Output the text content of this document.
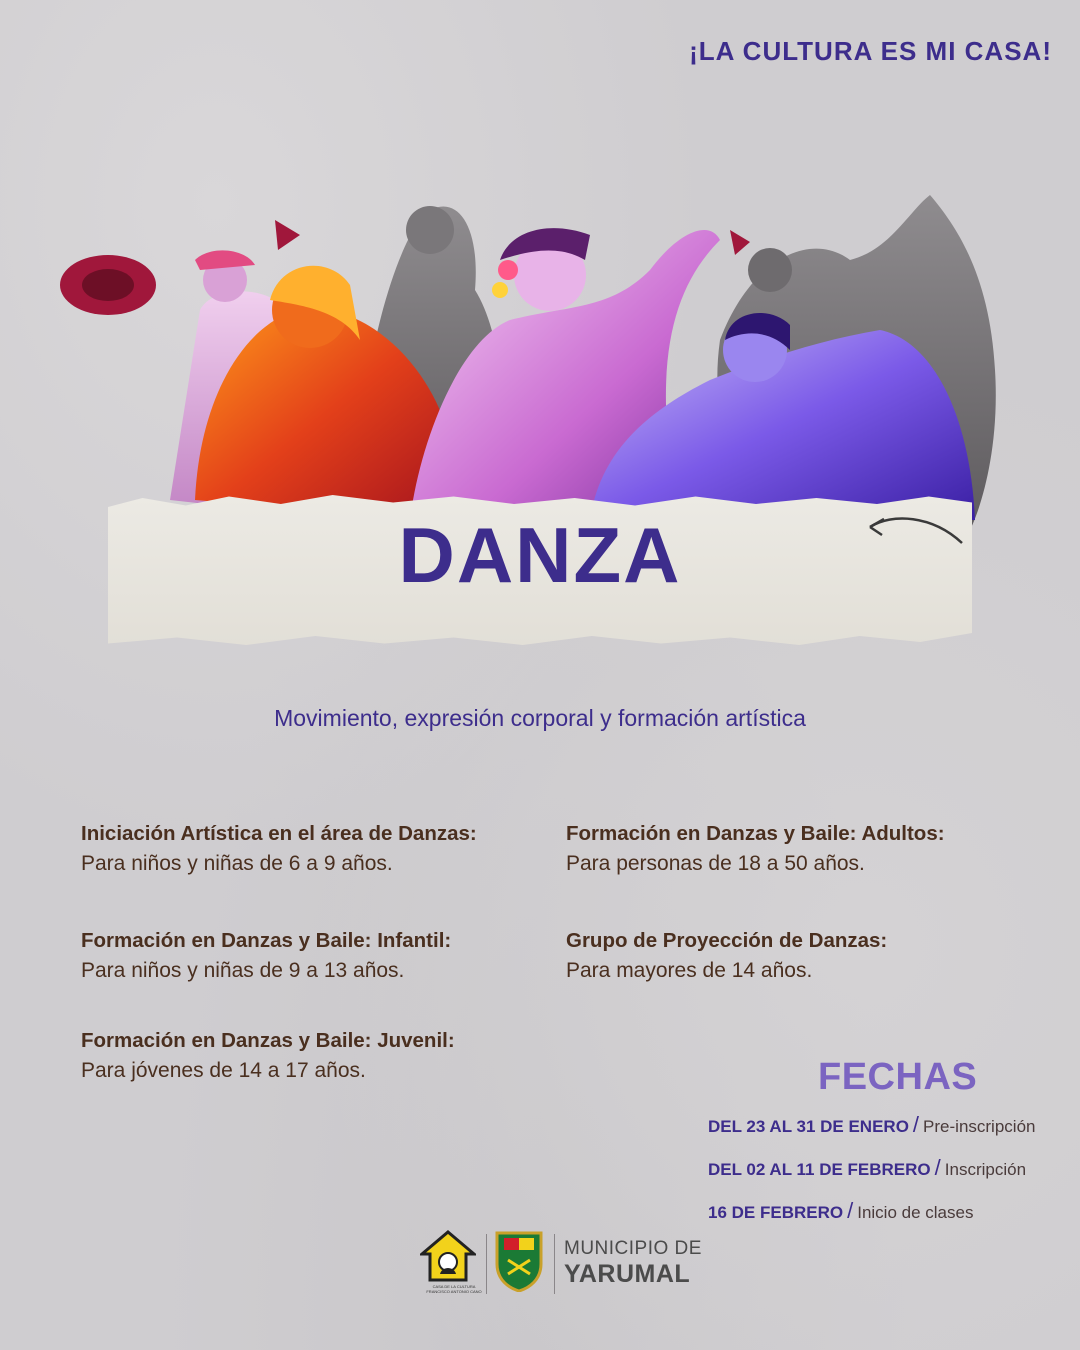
¡LA CULTURA ES MI CASA!
DANZA
Movimiento, expresión corporal y formación artística
Iniciación Artística en el área de Danzas:
Para niños y niñas de 6 a 9 años.
Formación en Danzas y Baile: Infantil:
Para niños y niñas de 9 a 13 años.
Formación en Danzas y Baile: Juvenil:
Para jóvenes de 14 a 17 años.
Formación en Danzas y Baile: Adultos:
Para personas de 18 a 50 años.
Grupo de Proyección de Danzas:
Para mayores de 14 años.
FECHAS
DEL 23 AL 31 DE ENERO / Pre-inscripción
DEL 02 AL 11 DE FEBRERO / Inscripción
16 DE FEBRERO / Inicio de clases
CASA DE LA CULTURA FRANCISCO ANTONIO CANO
YARUMAL
MUNICIPIO DE
YARUMAL
